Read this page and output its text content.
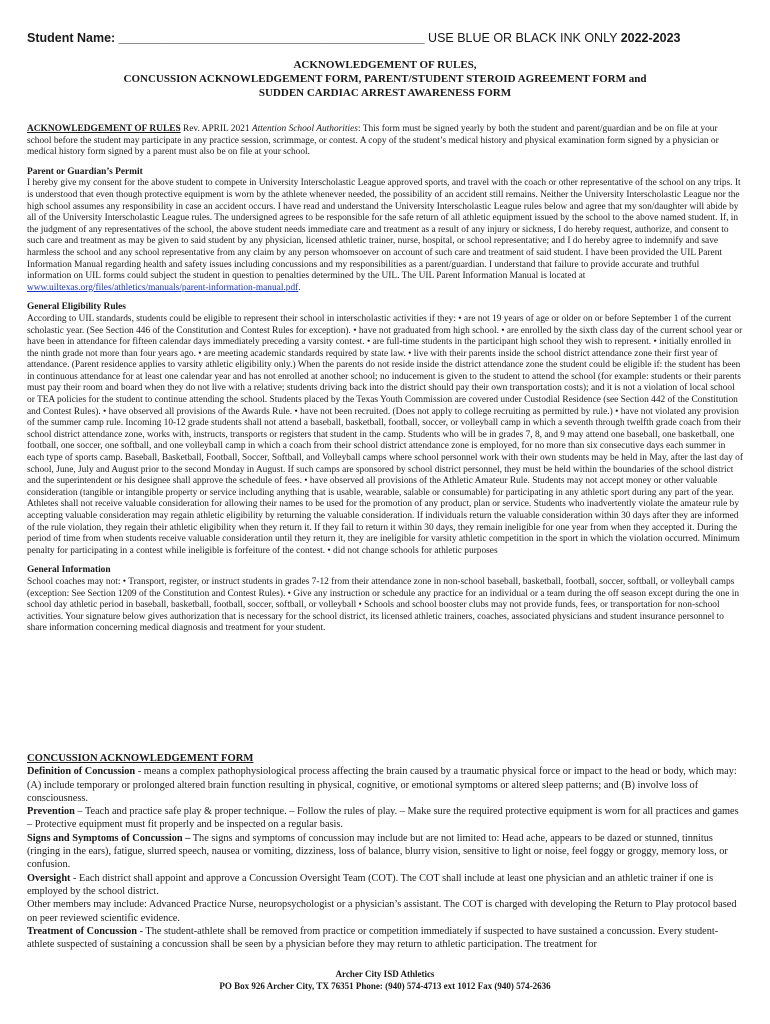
Student Name: ____________________________________________ USE BLUE OR BLACK INK ONLY 2022-2023
ACKNOWLEDGEMENT OF RULES,
CONCUSSION ACKNOWLEDGEMENT FORM, PARENT/STUDENT STEROID AGREEMENT FORM and
SUDDEN CARDIAC ARREST AWARENESS FORM

ACKNOWLEDGEMENT OF RULES Rev. APRIL 2021 Attention School Authorities: This form must be signed yearly by both the student and parent/guardian and be on file at your school before the student may participate in any practice session, scrimmage, or contest. A copy of the student’s medical history and physical examination form signed by a physician or medical history form signed by a parent must also be on file at your school.

Parent or Guardian’s Permit

I hereby give my consent for the above student to compete in University Interscholastic League approved sports, and travel with the coach or other representative of the school on any trips. It is understood that even though protective equipment is worn by the athlete whenever needed, the possibility of an accident still remains. Neither the University Interscholastic League nor the high school assumes any responsibility in case an accident occurs. I have read and understand the University Interscholastic League rules below and agree that my son/daughter will abide by all of the University Interscholastic League rules. The undersigned agrees to be responsible for the safe return of all athletic equipment issued by the school to the above named student. If, in the judgment of any representatives of the school, the above student needs immediate care and treatment as a result of any injury or sickness, I do hereby request, authorize, and consent to such care and treatment as may be given to said student by any physician, licensed athletic trainer, nurse, hospital, or school representative; and I do hereby agree to indemnify and save harmless the school and any school representative from any claim by any person whomsoever on account of such care and treatment of said student. I have been provided the UIL Parent Information Manual regarding health and safety issues including concussions and my responsibilities as a parent/guardian. I understand that failure to provide accurate and truthful information on UIL forms could subject the student in question to penalties determined by the UIL. The UIL Parent Information Manual is located at www.uiltexas.org/files/athletics/manuals/parent-information-manual.pdf.

General Eligibility Rules

According to UIL standards, students could be eligible to represent their school in interscholastic activities if they: • are not 19 years of age or older on or before September 1 of the current scholastic year. (See Section 446 of the Constitution and Contest Rules for exception). • have not graduated from high school. • are enrolled by the sixth class day of the current school year or have been in attendance for fifteen calendar days immediately preceding a varsity contest. • are full-time students in the participant high school they wish to represent. • initially enrolled in the ninth grade not more than four years ago. • are meeting academic standards required by state law. • live with their parents inside the school district attendance zone their first year of attendance. (Parent residence applies to varsity athletic eligibility only.) When the parents do not reside inside the district attendance zone the student could be eligible if: the student has been in continuous attendance for at least one calendar year and has not enrolled at another school; no inducement is given to the student to attend the school (for example: students or their parents must pay their room and board when they do not live with a relative; students driving back into the district should pay their own transportation costs); and it is not a violation of local school or TEA policies for the student to continue attending the school. Students placed by the Texas Youth Commission are covered under Custodial Residence (see Section 442 of the Constitution and Contest Rules). • have observed all provisions of the Awards Rule. • have not been recruited. (Does not apply to college recruiting as permitted by rule.) • have not violated any provision of the summer camp rule. Incoming 10-12 grade students shall not attend a baseball, basketball, football, soccer, or volleyball camp in which a seventh through twelfth grade coach from their school district attendance zone, works with, instructs, transports or registers that student in the camp. Students who will be in grades 7, 8, and 9 may attend one baseball, one basketball, one football, one soccer, one softball, and one volleyball camp in which a coach from their school district attendance zone is employed, for no more than six consecutive days each summer in each type of sports camp. Baseball, Basketball, Football, Soccer, Softball, and Volleyball camps where school personnel work with their own students may be held in May, after the last day of school, June, July and August prior to the second Monday in August. If such camps are sponsored by school district personnel, they must be held within the boundaries of the school district and the superintendent or his designee shall approve the schedule of fees. • have observed all provisions of the Athletic Amateur Rule. Students may not accept money or other valuable consideration (tangible or intangible property or service including anything that is usable, wearable, salable or consumable) for participating in any athletic sport during any part of the year. Athletes shall not receive valuable consideration for allowing their names to be used for the promotion of any product, plan or service. Students who inadvertently violate the amateur rule by accepting valuable consideration may regain athletic eligibility by returning the valuable consideration. If individuals return the valuable consideration within 30 days after they are informed of the rule violation, they regain their athletic eligibility when they return it. If they fail to return it within 30 days, they remain ineligible for one year from when they accepted it. During the period of time from when students receive valuable consideration until they return it, they are ineligible for varsity athletic competition in the sport in which the violation occurred. Minimum penalty for participating in a contest while ineligible is forfeiture of the contest. • did not change schools for athletic purposes

General Information

School coaches may not: • Transport, register, or instruct students in grades 7-12 from their attendance zone in non-school baseball, basketball, football, soccer, softball, or volleyball camps (exception: See Section 1209 of the Constitution and Contest Rules). • Give any instruction or schedule any practice for an individual or a team during the off season except during the one in school day athletic period in baseball, basketball, football, soccer, softball, or volleyball • Schools and school booster clubs may not provide funds, fees, or transportation for non-school activities. Your signature below gives authorization that is necessary for the school district, its licensed athletic trainers, coaches, associated physicians and student insurance personnel to share information concerning medical diagnosis and treatment for your student.

CONCUSSION ACKNOWLEDGEMENT FORM

Definition of Concussion - means a complex pathophysiological process affecting the brain caused by a traumatic physical force or impact to the head or body, which may: (A) include temporary or prolonged altered brain function resulting in physical, cognitive, or emotional symptoms or altered sleep patterns; and (B) involve loss of consciousness.

Prevention – Teach and practice safe play & proper technique. – Follow the rules of play. – Make sure the required protective equipment is worn for all practices and games – Protective equipment must fit properly and be inspected on a regular basis.

Signs and Symptoms of Concussion – The signs and symptoms of concussion may include but are not limited to: Head ache, appears to be dazed or stunned, tinnitus (ringing in the ears), fatigue, slurred speech, nausea or vomiting, dizziness, loss of balance, blurry vision, sensitive to light or noise, feel foggy or groggy, memory loss, or confusion.

Oversight - Each district shall appoint and approve a Concussion Oversight Team (COT). The COT shall include at least one physician and an athletic trainer if one is employed by the school district.

Other members may include: Advanced Practice Nurse, neuropsychologist or a physician’s assistant. The COT is charged with developing the Return to Play protocol based on peer reviewed scientific evidence.

Treatment of Concussion - The student-athlete shall be removed from practice or competition immediately if suspected to have sustained a concussion. Every student-athlete suspected of sustaining a concussion shall be seen by a physician before they may return to athletic participation. The treatment for

Archer City ISD Athletics
PO Box 926 Archer City, TX 76351 Phone: (940) 574-4713 ext 1012 Fax (940) 574-2636
